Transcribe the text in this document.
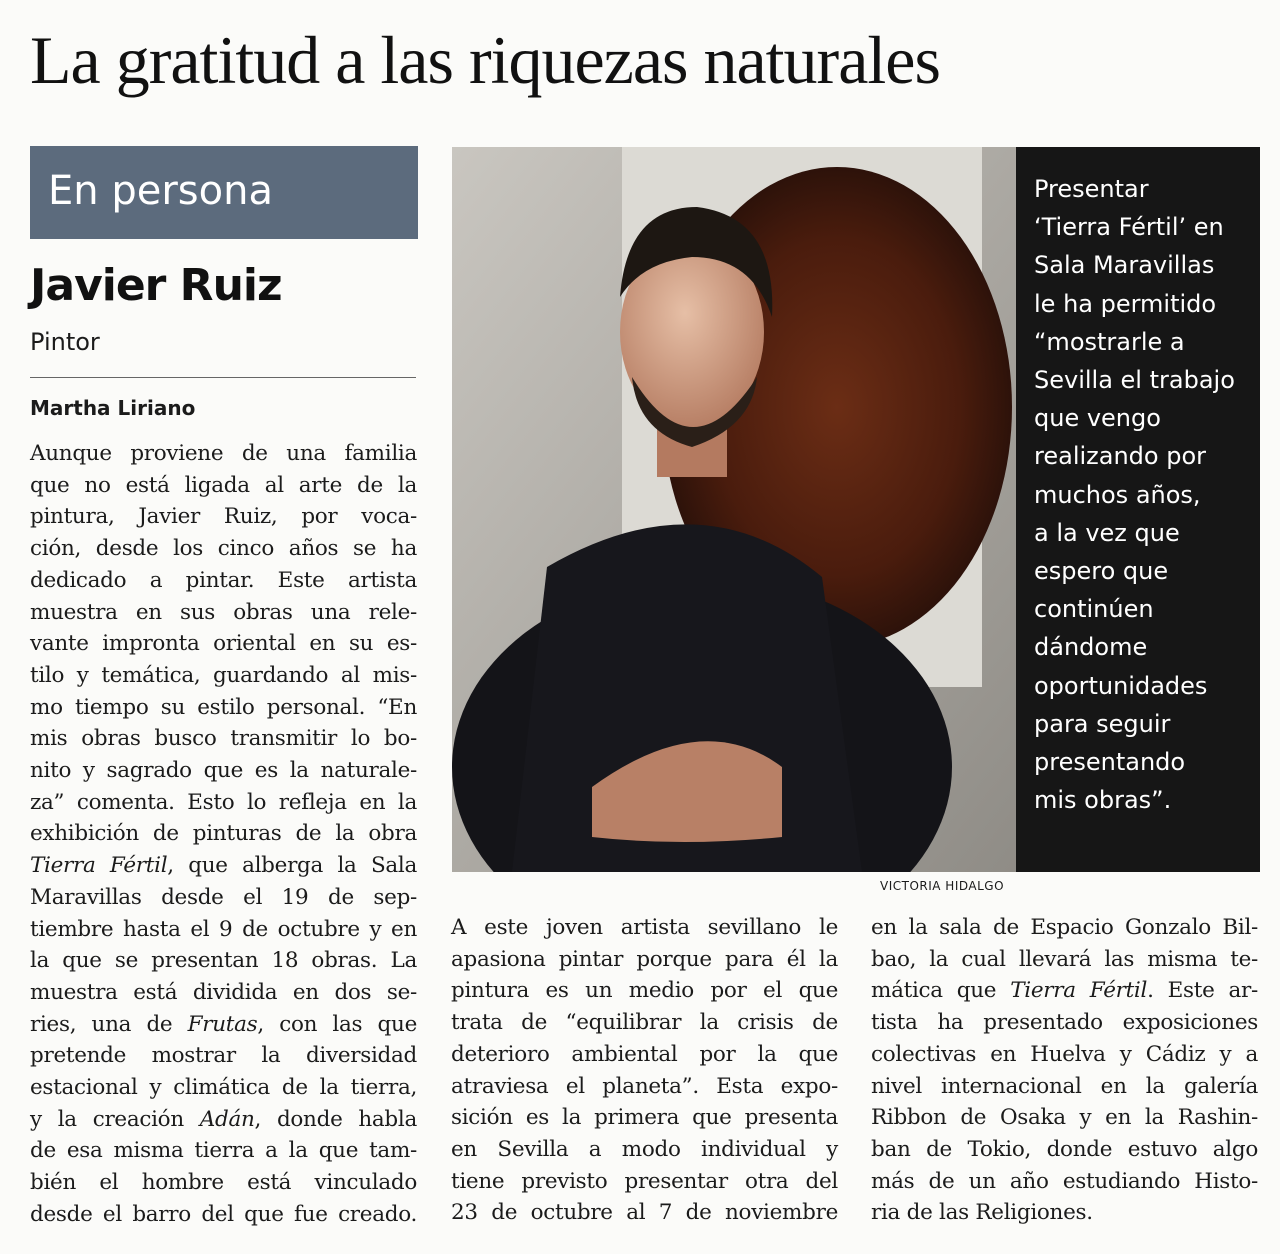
La gratitud a las riquezas naturales
En persona
Javier Ruiz
Pintor
Martha Liriano
Aunque proviene de una familia
que no está ligada al arte de la
pintura, Javier Ruiz, por voca-
ción, desde los cinco años se ha
dedicado a pintar. Este artista
muestra en sus obras una rele-
vante impronta oriental en su es-
tilo y temática, guardando al mis-
mo tiempo su estilo personal. “En
mis obras busco transmitir lo bo-
nito y sagrado que es la naturale-
za” comenta. Esto lo refleja en la
exhibición de pinturas de la obra
Tierra Fértil, que alberga la Sala
Maravillas desde el 19 de sep-
tiembre hasta el 9 de octubre y en
la que se presentan 18 obras. La
muestra está dividida en dos se-
ries, una de Frutas, con las que
pretende mostrar la diversidad
estacional y climática de la tierra,
y la creación Adán, donde habla
de esa misma tierra a la que tam-
bién el hombre está vinculado
desde el barro del que fue creado.
VICTORIA HIDALGO
Presentar
‘Tierra Fértil’ en
Sala Maravillas
le ha permitido
“mostrarle a
Sevilla el trabajo
que vengo
realizando por
muchos años,
a la vez que
espero que
continúen
dándome
oportunidades
para seguir
presentando
mis obras”.
A este joven artista sevillano le
apasiona pintar porque para él la
pintura es un medio por el que
trata de “equilibrar la crisis de
deterioro ambiental por la que
atraviesa el planeta”. Esta expo-
sición es la primera que presenta
en Sevilla a modo individual y
tiene previsto presentar otra del
23 de octubre al 7 de noviembre
en la sala de Espacio Gonzalo Bil-
bao, la cual llevará las misma te-
mática que Tierra Fértil. Este ar-
tista ha presentado exposiciones
colectivas en Huelva y Cádiz y a
nivel internacional en la galería
Ribbon de Osaka y en la Rashin-
ban de Tokio, donde estuvo algo
más de un año estudiando Histo-
ria de las Religiones.
